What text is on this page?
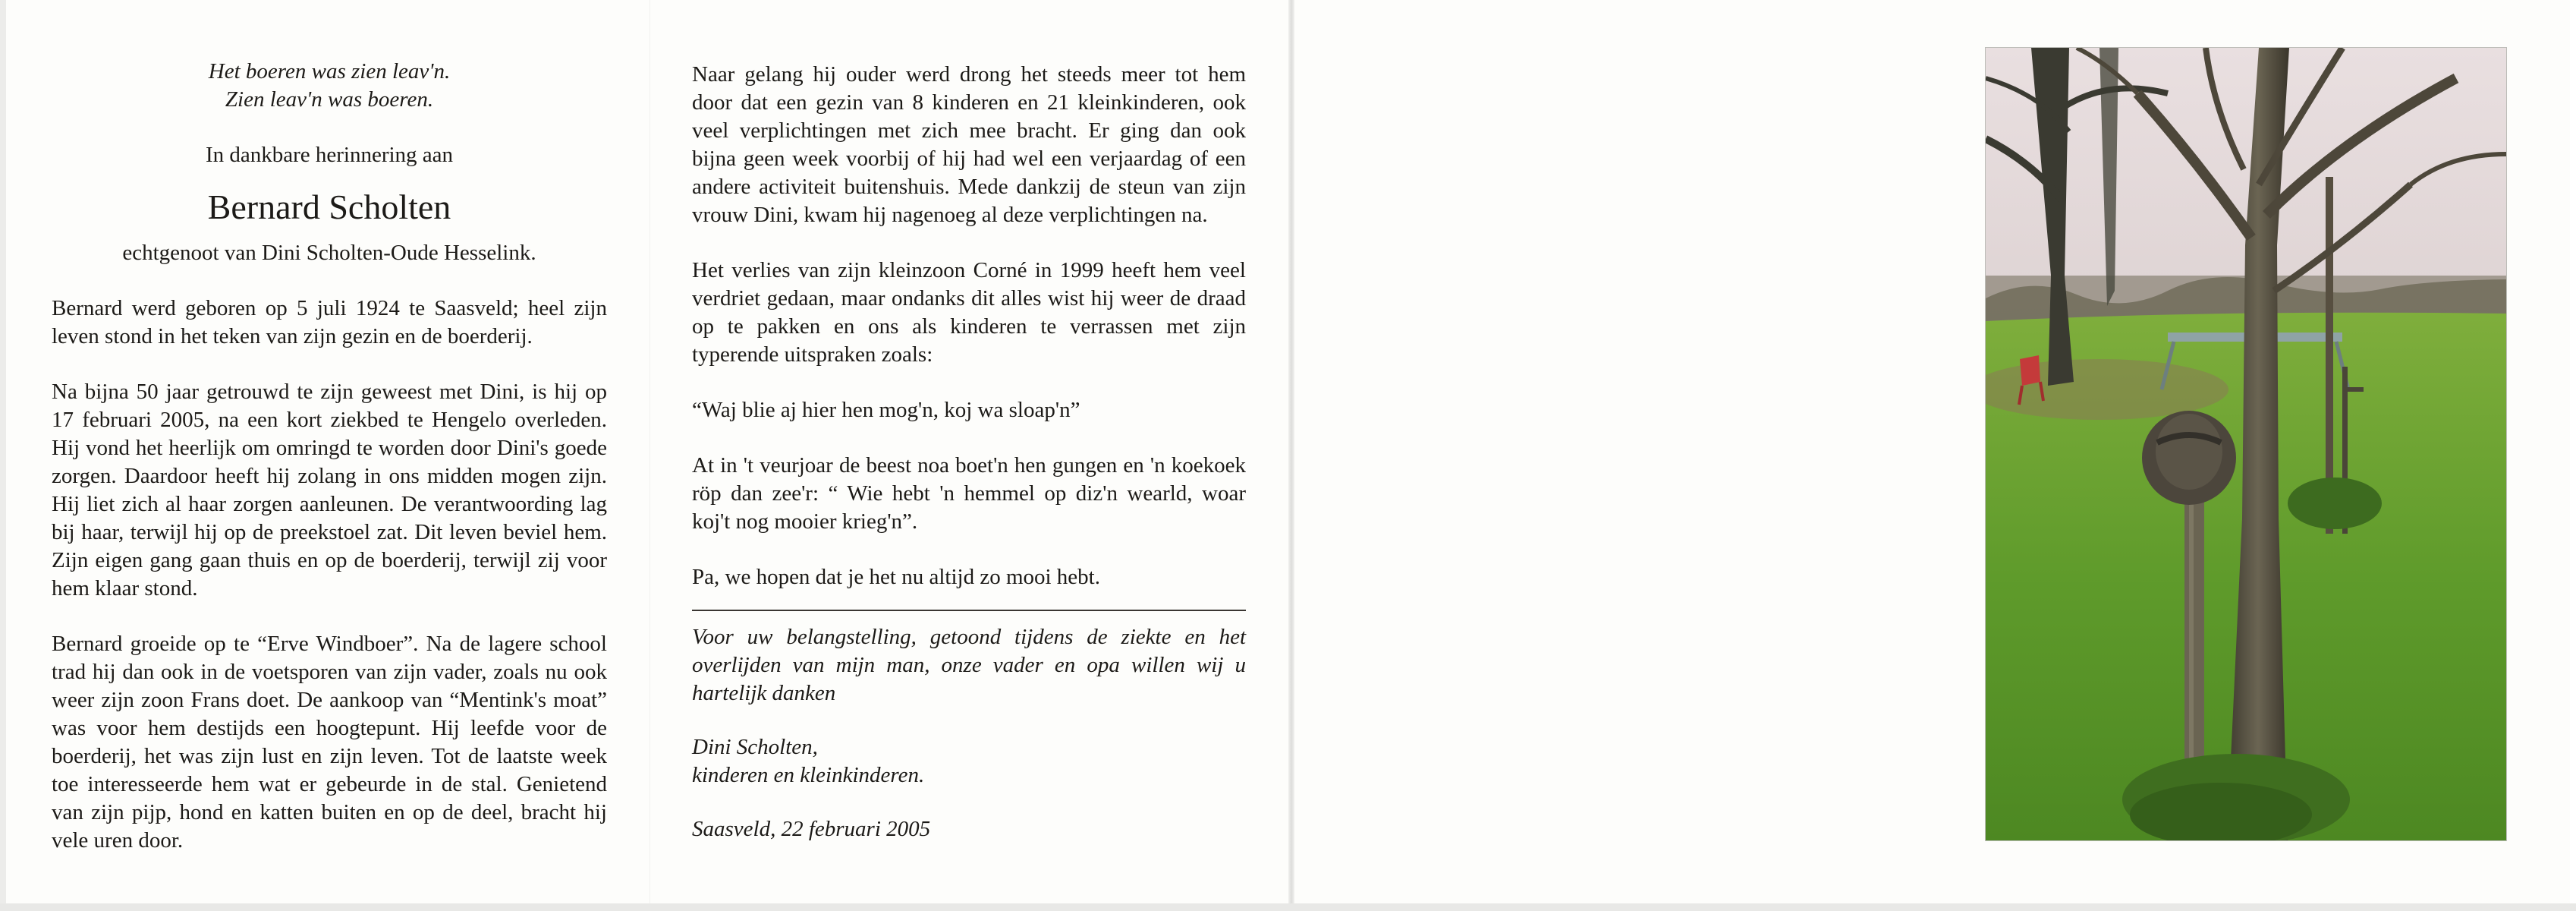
Het boeren was zien leav'n.

Zien leav'n was boeren.

In dankbare herinnering aan

Bernard Scholten

echtgenoot van Dini Scholten-Oude Hesselink.

Bernard werd geboren op 5 juli 1924 te Saasveld; heel zijn leven stond in het teken van zijn gezin en de boerderij.

Na bijna 50 jaar getrouwd te zijn geweest met Dini, is hij op 17 februari 2005, na een kort ziekbed te Hengelo overleden. Hij vond het heerlijk om omringd te worden door Dini's goede zorgen. Daardoor heeft hij zolang in ons midden mogen zijn. Hij liet zich al haar zorgen aanleunen. De verantwoording lag bij haar, terwijl hij op de preekstoel zat. Dit leven beviel hem. Zijn eigen gang gaan thuis en op de boerderij, terwijl zij voor hem klaar stond.

Bernard groeide op te “Erve Windboer”. Na de lagere school trad hij dan ook in de voetsporen van zijn vader, zoals nu ook weer zijn zoon Frans doet. De aankoop van “Mentink's moat” was voor hem destijds een hoogtepunt. Hij leefde voor de boerderij, het was zijn lust en zijn leven. Tot de laatste week toe interesseerde hem wat er gebeurde in de stal. Genietend van zijn pijp, hond en katten buiten en op de deel, bracht hij vele uren door.

Naar gelang hij ouder werd drong het steeds meer tot hem door dat een gezin van 8 kinderen en 21 kleinkinderen, ook veel verplichtingen met zich mee bracht. Er ging dan ook bijna geen week voorbij of hij had wel een verjaardag of een andere activiteit buitenshuis. Mede dankzij de steun van zijn vrouw Dini, kwam hij nagenoeg al deze verplichtingen na.

Het verlies van zijn kleinzoon Corné in 1999 heeft hem veel verdriet gedaan, maar ondanks dit alles wist hij weer de draad op te pakken en ons als kinderen te verrassen met zijn typerende uitspraken zoals:

“Waj blie aj hier hen mog'n, koj wa sloap'n”

At in 't veurjoar de beest noa boet'n hen gungen en 'n koekoek röp dan zee'r: “ Wie hebt 'n hemmel op diz'n wearld, woar koj't nog mooier krieg'n”.

Pa, we hopen dat je het nu altijd zo mooi hebt.

Voor uw belangstelling, getoond tijdens de ziekte en het overlijden van mijn man, onze vader en opa willen wij u hartelijk danken

Dini Scholten,

kinderen en kleinkinderen.

Saasveld, 22 februari 2005
